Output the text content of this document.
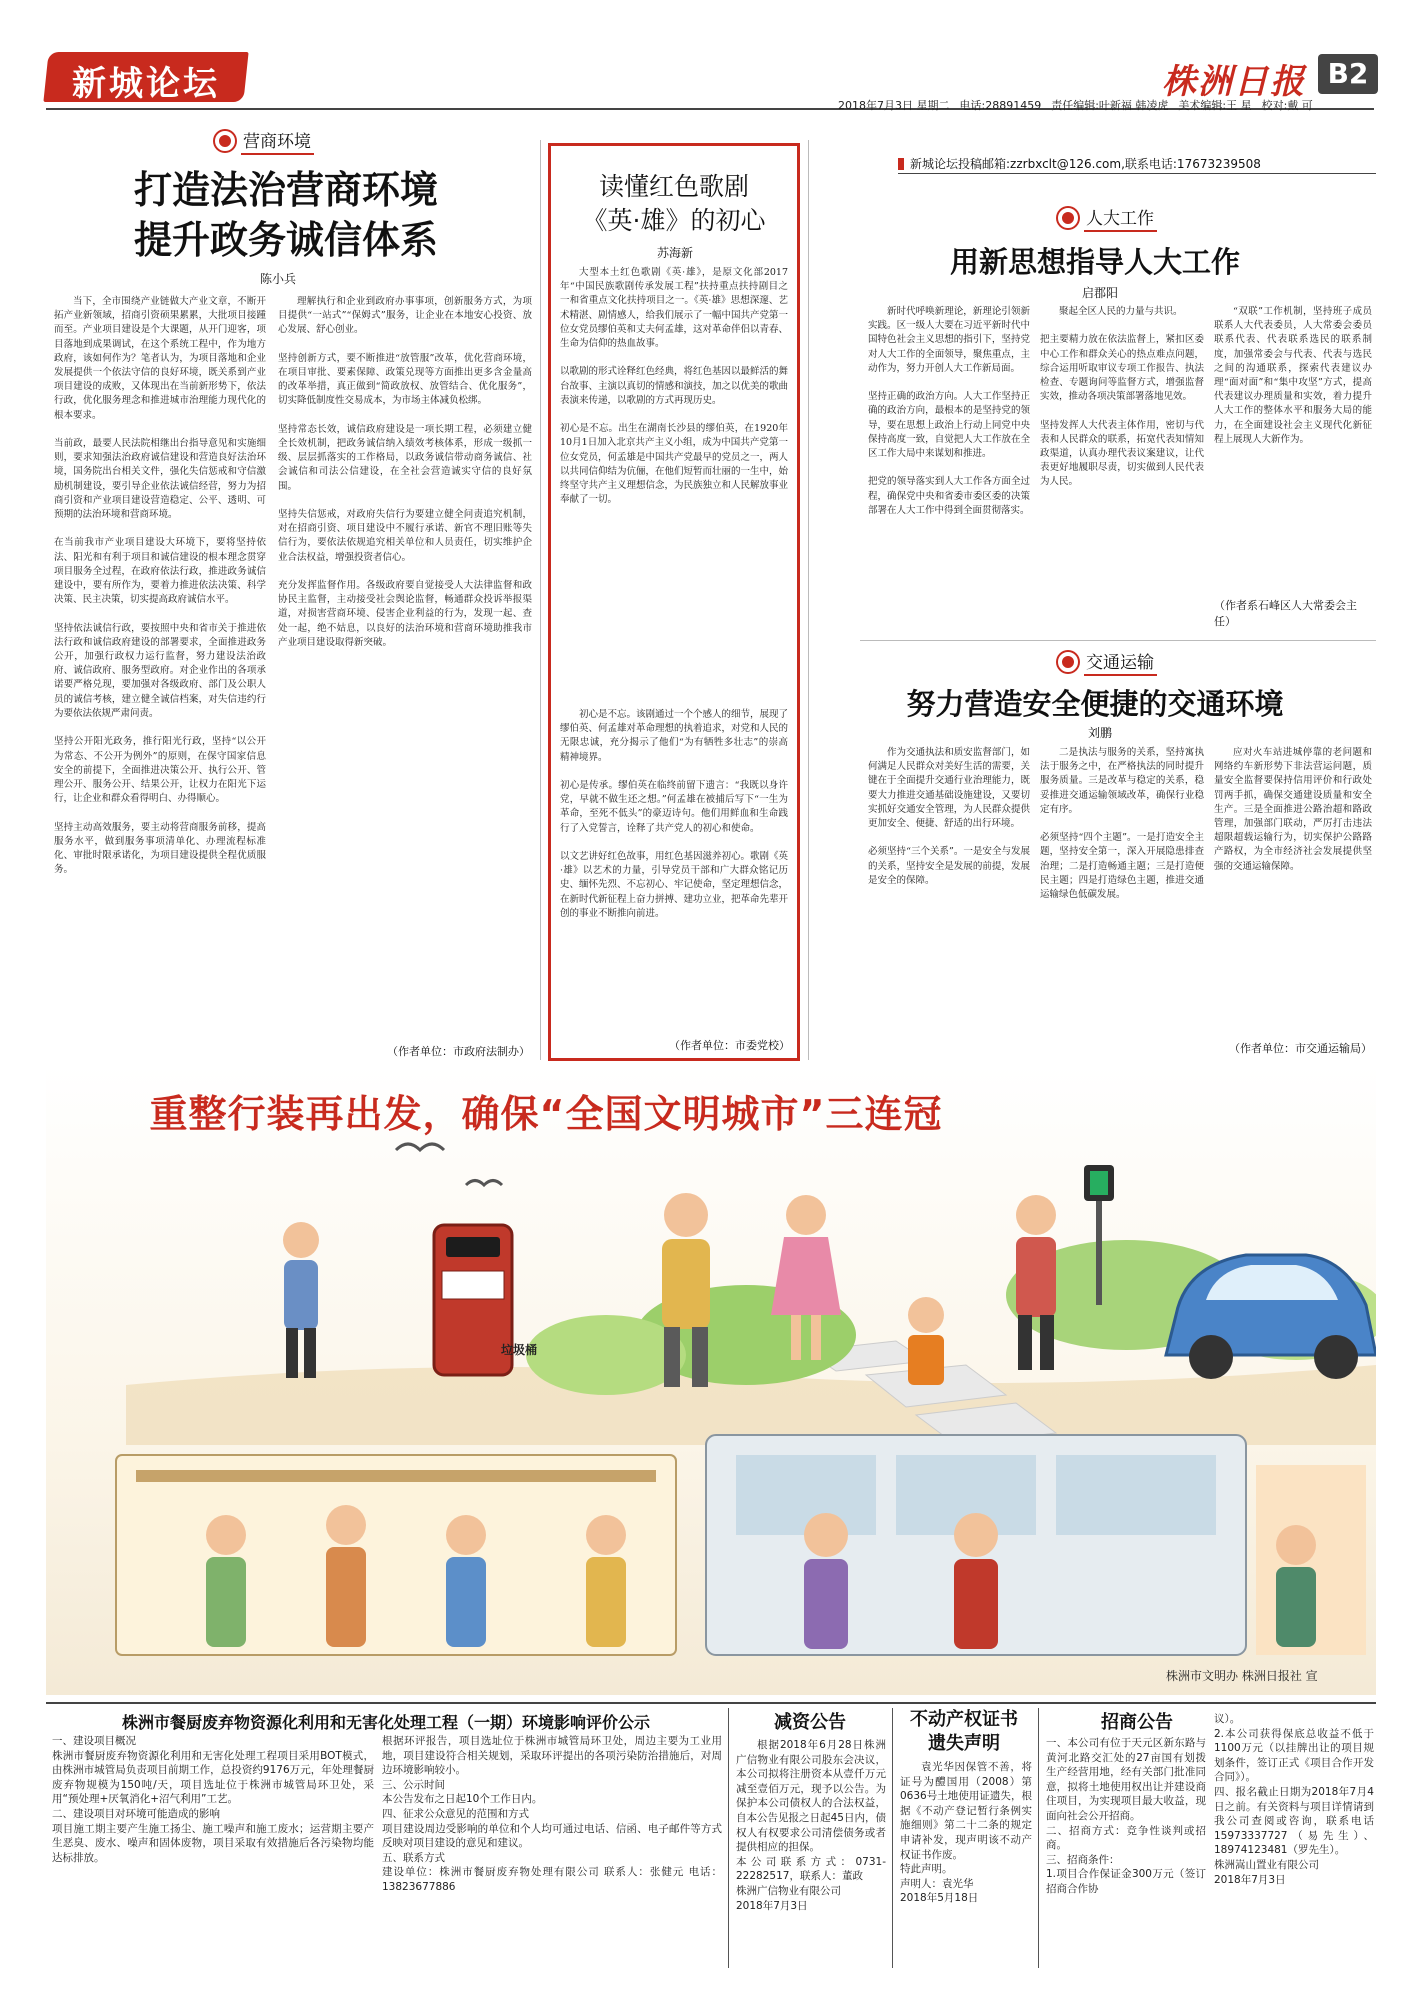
新城论坛	株洲日报 B2
2018年7月3日 星期二 电话:28891459 责任编辑:叶新福 韩凌虎 美术编辑:王 星 校对:戴 可
营商环境
打造法治营商环境
提升政务诚信体系
陈小兵
当下，全市围绕产业链做大产业文章，不断开拓产业新领域，招商引资硕果累累，大批项目接踵而至。产业项目建设是个大课题，从开门迎客，项目落地到成果调试，在这个系统工程中，作为地方政府，该如何作为？笔者认为，为项目落地和企业发展提供一个依法守信的良好环境，既关系到产业项目建设的成败，又体现出在当前新形势下，依法行政，优化服务理念和推进城市治理能力现代化的根本要求。

当前政，最要人民法院相继出台指导意见和实施细则，要求知强法治政府诚信建设和营造良好法治环境，国务院出台相关文件，强化失信惩戒和守信激励机制建设，要引导企业依法诚信经营，努力为招商引资和产业项目建设营造稳定、公平、透明、可预期的法治环境和营商环境。

在当前我市产业项目建设大环境下，要将坚持依法、阳光和有利于项目和诚信建设的根本理念贯穿项目服务全过程，在政府依法行政，推进政务诚信建设中，要有所作为，要着力推进依法决策、科学决策、民主决策，切实提高政府诚信水平。

坚持依法诚信行政，要按照中央和省市关于推进依法行政和诚信政府建设的部署要求，全面推进政务公开，加强行政权力运行监督，努力建设法治政府、诚信政府、服务型政府。对企业作出的各项承诺要严格兑现，要加强对各级政府、部门及公职人员的诚信考核，建立健全诚信档案，对失信违约行为要依法依规严肃问责。

坚持公开阳光政务，推行阳光行政，坚持“以公开为常态、不公开为例外”的原则，在保守国家信息安全的前提下，全面推进决策公开、执行公开、管理公开、服务公开、结果公开，让权力在阳光下运行，让企业和群众看得明白、办得顺心。

坚持主动高效服务，要主动将营商服务前移，提高服务水平，做到服务事项清单化、办理流程标准化、审批时限承诺化，为项目建设提供全程优质服务。
理解执行和企业到政府办事事项，创新服务方式，为项目提供“一站式”“保姆式”服务，让企业在本地安心投资、放心发展、舒心创业。

坚持创新方式，要不断推进“放管服”改革，优化营商环境，在项目审批、要素保障、政策兑现等方面推出更多含金量高的改革举措，真正做到“简政放权、放管结合、优化服务”，切实降低制度性交易成本，为市场主体减负松绑。

坚持常态长效，诚信政府建设是一项长期工程，必须建立健全长效机制，把政务诚信纳入绩效考核体系，形成一级抓一级、层层抓落实的工作格局，以政务诚信带动商务诚信、社会诚信和司法公信建设，在全社会营造诚实守信的良好氛围。

坚持失信惩戒，对政府失信行为要建立健全问责追究机制，对在招商引资、项目建设中不履行承诺、新官不理旧账等失信行为，要依法依规追究相关单位和人员责任，切实维护企业合法权益，增强投资者信心。

充分发挥监督作用。各级政府要自觉接受人大法律监督和政协民主监督，主动接受社会舆论监督，畅通群众投诉举报渠道，对损害营商环境、侵害企业利益的行为，发现一起、查处一起，绝不姑息，以良好的法治环境和营商环境助推我市产业项目建设取得新突破。
（作者单位：市政府法制办）
读懂红色歌剧
《英·雄》的初心
苏海新
大型本土红色歌剧《英·雄》，是原文化部2017年“中国民族歌剧传承发展工程”扶持重点扶持剧目之一和省重点文化扶持项目之一。《英·雄》思想深邃、艺术精湛、剧情感人，给我们展示了一幅中国共产党第一位女党员缪伯英和丈夫何孟雄，这对革命伴侣以青春、生命为信仰的热血故事。

以歌剧的形式诠释红色经典，将红色基因以最鲜活的舞台故事、主演以真切的情感和演技，加之以优美的歌曲表演来传递，以歌剧的方式再现历史。

初心是不忘。出生在湖南长沙县的缪伯英，在1920年10月1日加入北京共产主义小组，成为中国共产党第一位女党员，何孟雄是中国共产党最早的党员之一，两人以共同信仰结为伉俪，在他们短暂而壮丽的一生中，始终坚守共产主义理想信念，为民族独立和人民解放事业奉献了一切。
初心是不忘。该剧通过一个个感人的细节，展现了缪伯英、何孟雄对革命理想的执着追求，对党和人民的无限忠诚，充分揭示了他们“为有牺牲多壮志”的崇高精神境界。

初心是传承。缪伯英在临终前留下遗言：“我既以身许党，早就不做生还之想。”何孟雄在被捕后写下“一生为革命，至死不低头”的豪迈诗句。他们用鲜血和生命践行了入党誓言，诠释了共产党人的初心和使命。

以文艺讲好红色故事，用红色基因滋养初心。歌剧《英·雄》以艺术的力量，引导党员干部和广大群众铭记历史、缅怀先烈、不忘初心、牢记使命，坚定理想信念，在新时代新征程上奋力拼搏、建功立业，把革命先辈开创的事业不断推向前进。
（作者单位：市委党校）
新城论坛投稿邮箱: zzrbxclt@126.com ,联系电话:17673239508
人大工作
用新思想指导人大工作
启郡阳
新时代呼唤新理论，新理论引领新实践。区一级人大要在习近平新时代中国特色社会主义思想的指引下，坚持党对人大工作的全面领导，聚焦重点，主动作为，努力开创人大工作新局面。

坚持正确的政治方向。人大工作坚持正确的政治方向，最根本的是坚持党的领导，要在思想上政治上行动上同党中央保持高度一致，自觉把人大工作放在全区工作大局中来谋划和推进。

把党的领导落实到人大工作各方面全过程，确保党中央和省委市委区委的决策部署在人大工作中得到全面贯彻落实。
聚起全区人民的力量与共识。

把主要精力放在依法监督上，紧扣区委中心工作和群众关心的热点难点问题，综合运用听取审议专项工作报告、执法检查、专题询问等监督方式，增强监督实效，推动各项决策部署落地见效。

坚持发挥人大代表主体作用，密切与代表和人民群众的联系，拓宽代表知情知政渠道，认真办理代表议案建议，让代表更好地履职尽责，切实做到人民代表为人民。
“双联”工作机制，坚持班子成员联系人大代表委员，人大常委会委员联系代表、代表联系选民的联系制度，加强常委会与代表、代表与选民之间的沟通联系，探索代表建议办理“面对面”和“集中攻坚”方式，提高代表建议办理质量和实效，着力提升人大工作的整体水平和服务大局的能力，在全面建设社会主义现代化新征程上展现人大新作为。
（作者系石峰区人大常委会主任）
交通运输
努力营造安全便捷的交通环境
刘鹏
作为交通执法和质安监督部门，如何满足人民群众对美好生活的需要，关键在于全面提升交通行业治理能力，既要大力推进交通基础设施建设，又要切实抓好交通安全管理，为人民群众提供更加安全、便捷、舒适的出行环境。

必须坚持“三个关系”。一是安全与发展的关系，坚持安全是发展的前提，发展是安全的保障。
二是执法与服务的关系，坚持寓执法于服务之中，在严格执法的同时提升服务质量。三是改革与稳定的关系，稳妥推进交通运输领域改革，确保行业稳定有序。

必须坚持“四个主题”。一是打造安全主题，坚持安全第一，深入开展隐患排查治理；二是打造畅通主题；三是打造便民主题；四是打造绿色主题，推进交通运输绿色低碳发展。
应对火车站进城停靠的老问题和网络约车新形势下非法营运问题，质量安全监督要保持信用评价和行政处罚两手抓，确保交通建设质量和安全生产。三是全面推进公路治超和路政管理，加强部门联动，严厉打击违法超限超载运输行为，切实保护公路路产路权，为全市经济社会发展提供坚强的交通运输保障。
（作者单位：市交通运输局）
重整行装再出发，确保“全国文明城市”三连冠
垃圾桶
株洲市文明办 株洲日报社 宣
株洲市餐厨废弃物资源化利用和无害化处理工程（一期）环境影响评价公示
一、建设项目概况
株洲市餐厨废弃物资源化利用和无害化处理工程项目采用BOT模式，由株洲市城管局负责项目前期工作，总投资约9176万元，年处理餐厨废弃物规模为150吨/天，项目选址位于株洲市城管局环卫处，采用“预处理+厌氧消化+沼气利用”工艺。
二、建设项目对环境可能造成的影响
项目施工期主要产生施工扬尘、施工噪声和施工废水；运营期主要产生恶臭、废水、噪声和固体废物，项目采取有效措施后各污染物均能达标排放。
根据环评报告，项目选址位于株洲市城管局环卫处，周边主要为工业用地，项目建设符合相关规划，采取环评提出的各项污染防治措施后，对周边环境影响较小。
三、公示时间
本公告发布之日起10个工作日内。
四、征求公众意见的范围和方式
项目建设周边受影响的单位和个人均可通过电话、信函、电子邮件等方式反映对项目建设的意见和建议。
五、联系方式
建设单位：株洲市餐厨废弃物处理有限公司 联系人：张健元 电话：13823677886
减资公告
根据2018年6月28日株洲广信物业有限公司股东会决议，本公司拟将注册资本从壹仟万元减至壹佰万元，现予以公告。为保护本公司债权人的合法权益，自本公告见报之日起45日内，债权人有权要求公司清偿债务或者提供相应的担保。
本公司联系方式：0731-22282517，联系人：董政
株洲广信物业有限公司
2018年7月3日
不动产权证书
遗失声明
袁光华因保管不善，将证号为醴国用（2008）第0636号土地使用证遗失，根据《不动产登记暂行条例实施细则》第二十二条的规定申请补发，现声明该不动产权证书作废。
特此声明。
声明人：袁光华
2018年5月18日
招商公告
一、本公司有位于天元区新东路与黄河北路交汇处的27亩国有划拨生产经营用地，经有关部门批准同意，拟将土地使用权出让并建设商住项目，为实现项目最大收益，现面向社会公开招商。
二、招商方式：竞争性谈判或招商。
三、招商条件：
1.项目合作保证金300万元（签订招商合作协
议）。
2.本公司获得保底总收益不低于1100万元（以挂牌出让的项目规划条件，签订正式《项目合作开发合同》）。
四、报名截止日期为2018年7月4日之前。有关资料与项目详情请到我公司查阅或咨询，联系电话15973337727（易先生）、18974123481（罗先生）。
株洲嵩山置业有限公司
2018年7月3日
